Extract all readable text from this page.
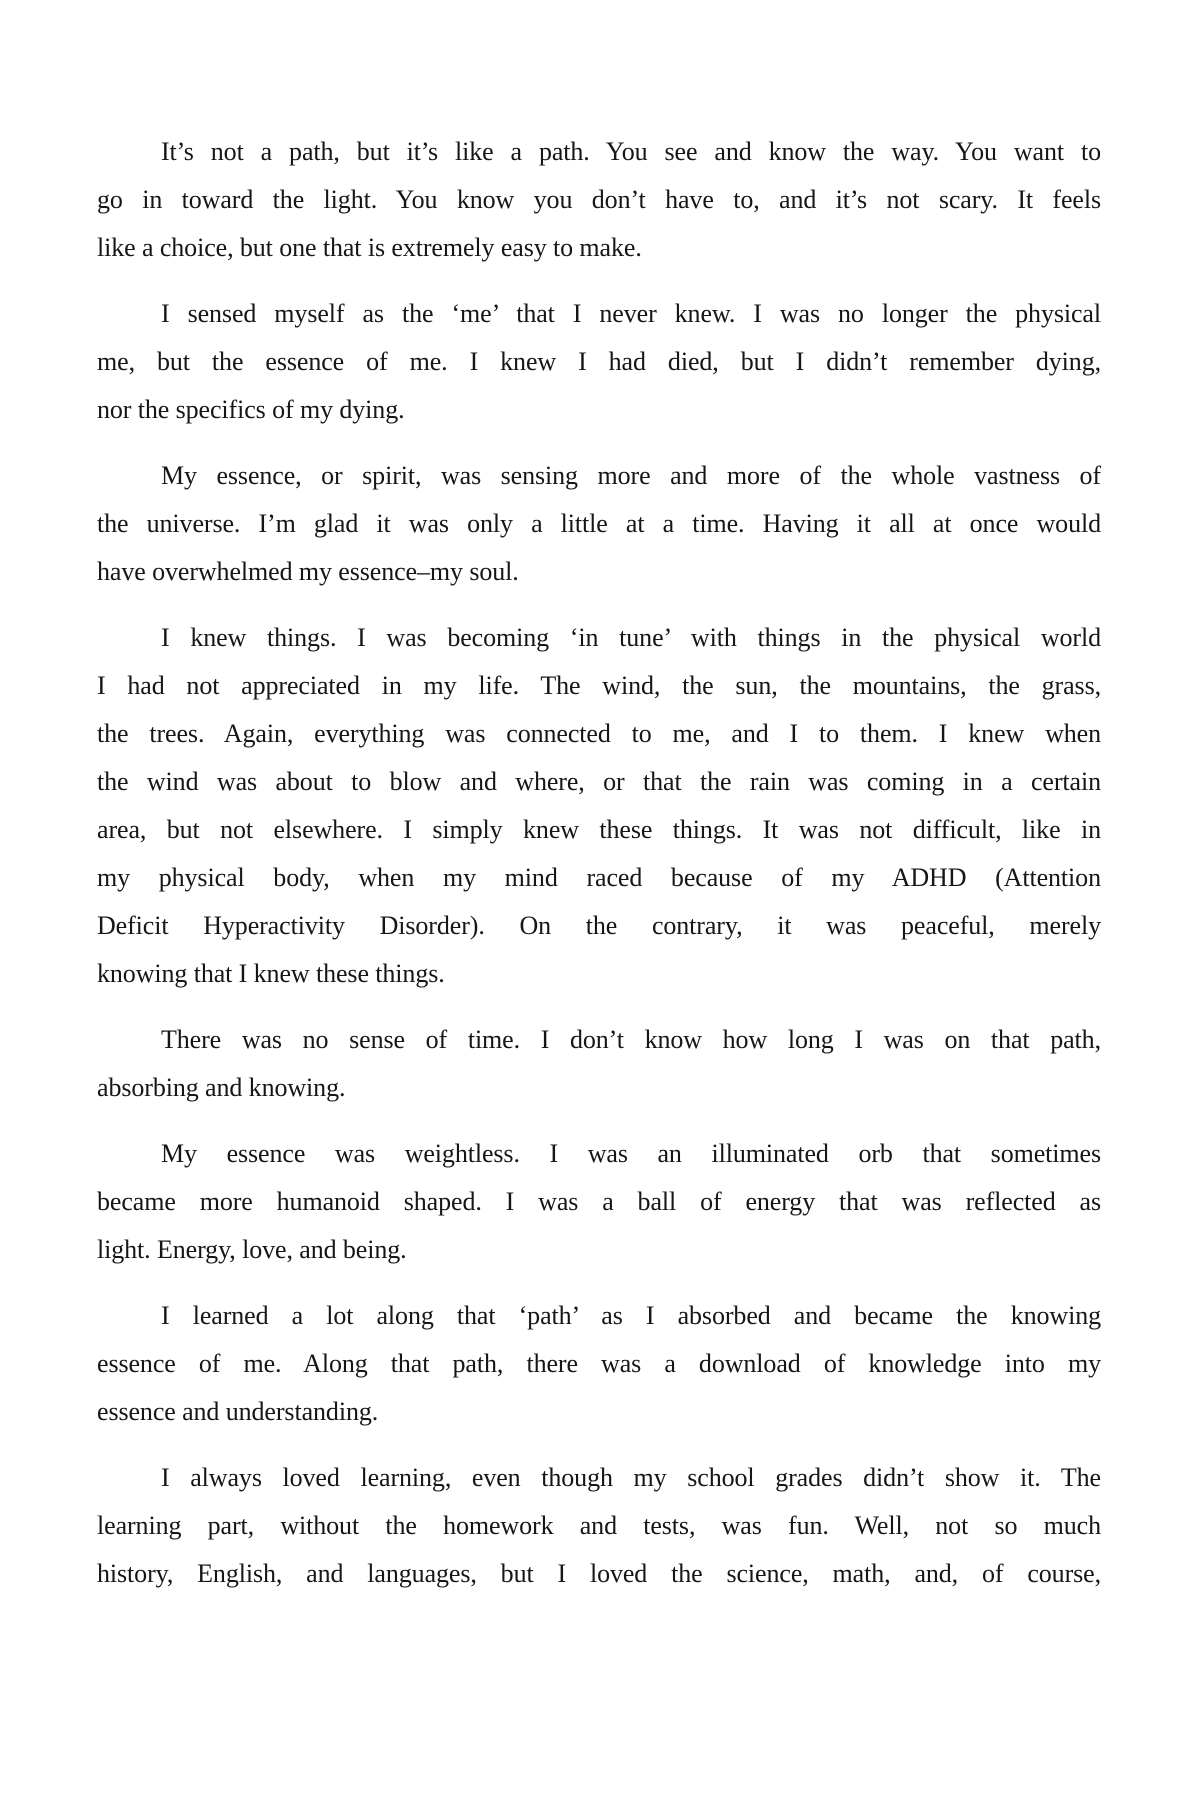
It’s not a path, but it’s like a path. You see and know the way. You want to
go in toward the light. You know you don’t have to, and it’s not scary. It feels
like a choice, but one that is extremely easy to make.
I sensed myself as the ‘me’ that I never knew. I was no longer the physical
me, but the essence of me. I knew I had died, but I didn’t remember dying,
nor the specifics of my dying.
My essence, or spirit, was sensing more and more of the whole vastness of
the universe. I’m glad it was only a little at a time. Having it all at once would
have overwhelmed my essence–my soul.
I knew things. I was becoming ‘in tune’ with things in the physical world
I had not appreciated in my life. The wind, the sun, the mountains, the grass,
the trees. Again, everything was connected to me, and I to them. I knew when
the wind was about to blow and where, or that the rain was coming in a certain
area, but not elsewhere. I simply knew these things. It was not difficult, like in
my physical body, when my mind raced because of my ADHD (Attention
Deficit Hyperactivity Disorder). On the contrary, it was peaceful, merely
knowing that I knew these things.
There was no sense of time. I don’t know how long I was on that path,
absorbing and knowing.
My essence was weightless. I was an illuminated orb that sometimes
became more humanoid shaped. I was a ball of energy that was reflected as
light. Energy, love, and being.
I learned a lot along that ‘path’ as I absorbed and became the knowing
essence of me. Along that path, there was a download of knowledge into my
essence and understanding.
I always loved learning, even though my school grades didn’t show it. The
learning part, without the homework and tests, was fun. Well, not so much
history, English, and languages, but I loved the science, math, and, of course,
